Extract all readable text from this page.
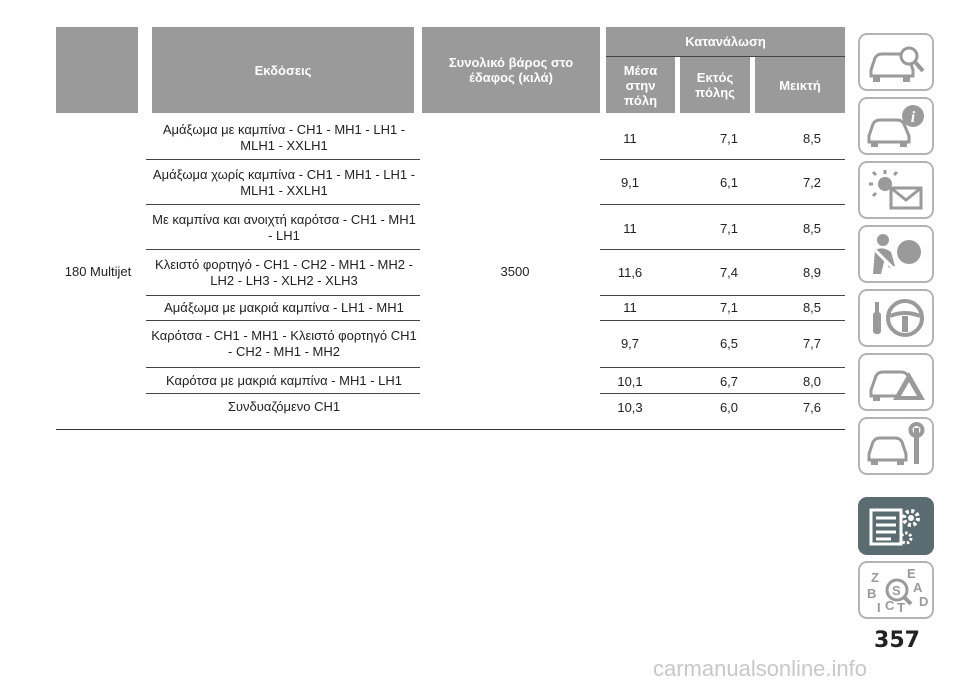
Εκδόσεις	Συνολικό βάρος στο έδαφος (κιλά)
Κατανάλωση
Μέσα στην πόλη
Εκτός πόλης	Μεικτή
180 Multijet	3500
Αμάξωμα με καμπίνα - CH1 - MH1 - LH1 - MLH1 - XXLH1	11	7,1	8,5
Αμάξωμα χωρίς καμπίνα - CH1 - MH1 - LH1 - MLH1 - XXLH1	9,1	6,1	7,2
Με καμπίνα και ανοιχτή καρότσα - CH1 - MH1 - LH1	11	7,1	8,5
Κλειστό φορτηγό - CH1 - CH2 - MH1 - MH2 - LH2 - LH3 - XLH2 - XLH3	11,6	7,4	8,9
Αμάξωμα με μακριά καμπίνα - LH1 - MH1	11	7,1	8,5
Καρότσα - CH1 - MH1 - Κλειστό φορτηγό CH1 - CH2 - MH1 - MH2	9,7	6,5	7,7
Καρότσα με μακριά καμπίνα - MH1 - LH1	10,1	6,7	8,0
Συνδυαζόμενο CH1	10,3	6,0	7,6
i
Z E
A
B
C T D
I
S
357
carmanualsonline.info
